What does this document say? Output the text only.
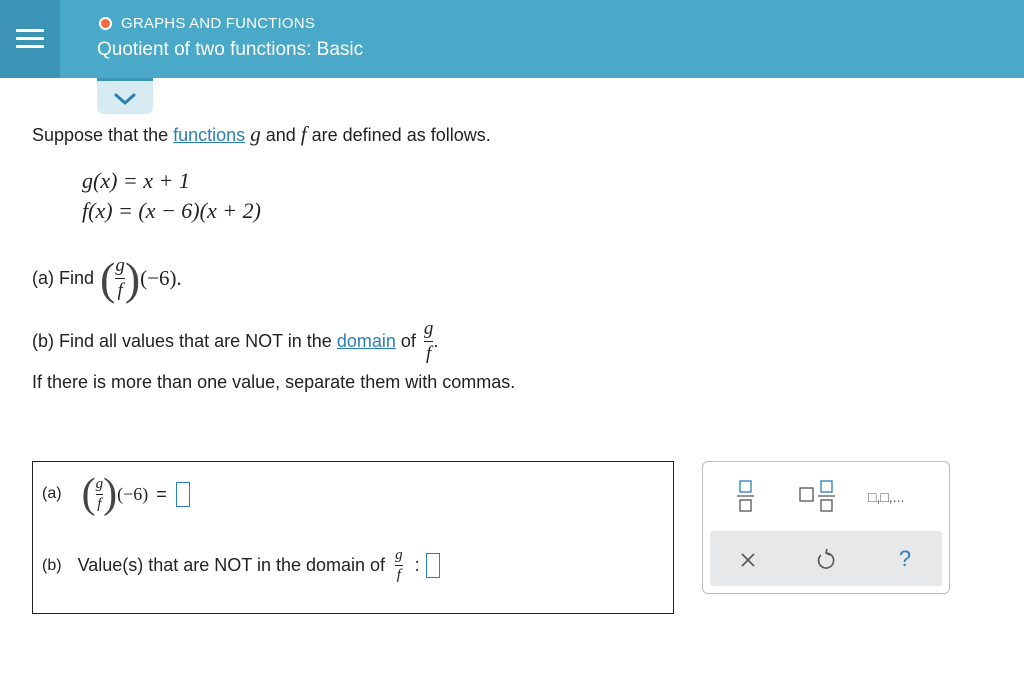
GRAPHS AND FUNCTIONS
Quotient of two functions: Basic
Suppose that the functions g and f are defined as follows.
g(x) = x + 1
f(x) = (x − 6)(x + 2)
(a) Find ( $\frac{g}{f}$ ) (−6).
(b) Find all values that are NOT in the domain of $\frac{g}{f}$ .
If there is more than one value, separate them with commas.
(a) ( $\frac{g}{f}$ ) (−6) =
(b) Value(s) that are NOT in the domain of $\frac{g}{f}$ :
□,□,...
?
